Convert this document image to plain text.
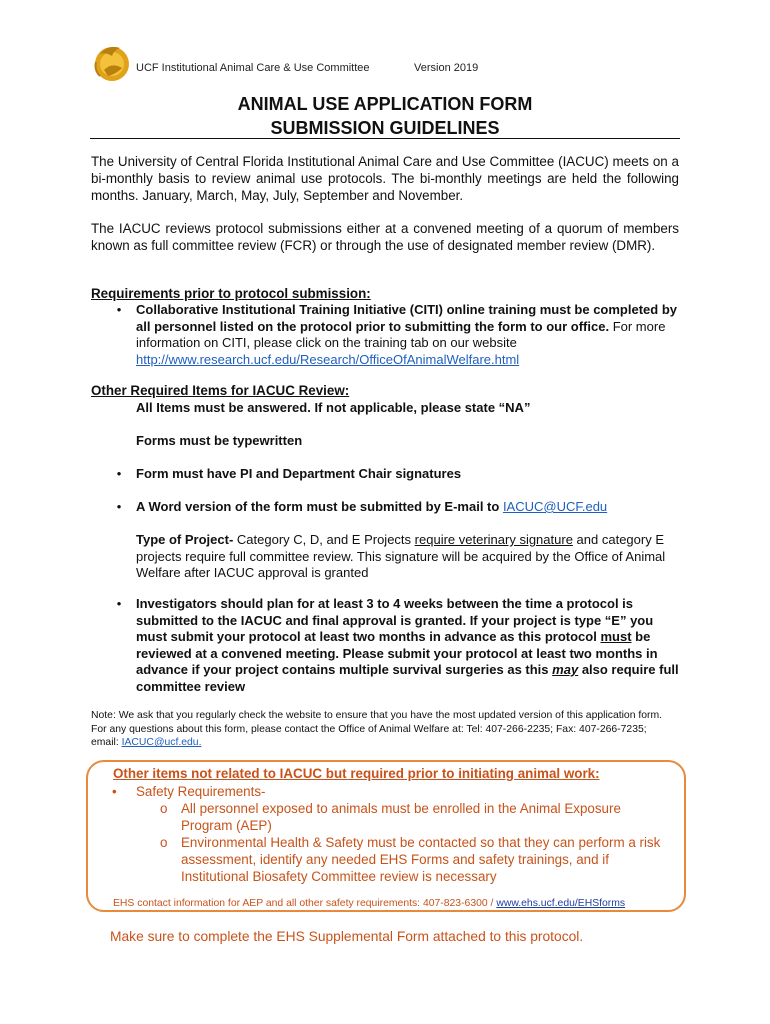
UCF Institutional Animal Care & Use Committee	Version 2019
ANIMAL USE APPLICATION FORM
SUBMISSION GUIDELINES
The University of Central Florida Institutional Animal Care and Use Committee (IACUC) meets on a bi-monthly basis to review animal use protocols. The bi-monthly meetings are held the following months. January, March, May, July, September and November.
The IACUC reviews protocol submissions either at a convened meeting of a quorum of members known as full committee review (FCR) or through the use of designated member review (DMR).
Requirements prior to protocol submission:
•	Collaborative Institutional Training Initiative (CITI) online training must be completed by all personnel listed on the protocol prior to submitting the form to our office. For more information on CITI, please click on the training tab on our website http://www.research.ucf.edu/Research/OfficeOfAnimalWelfare.html
Other Required Items for IACUC Review:
All Items must be answered. If not applicable, please state “NA”
Forms must be typewritten
•	Form must have PI and Department Chair signatures
•	A Word version of the form must be submitted by E-mail to IACUC@UCF.edu
Type of Project- Category C, D, and E Projects require veterinary signature and category E projects require full committee review. This signature will be acquired by the Office of Animal Welfare after IACUC approval is granted
•	Investigators should plan for at least 3 to 4 weeks between the time a protocol is submitted to the IACUC and final approval is granted. If your project is type “E” you must submit your protocol at least two months in advance as this protocol must be reviewed at a convened meeting. Please submit your protocol at least two months in advance if your project contains multiple survival surgeries as this may also require full committee review
Note: We ask that you regularly check the website to ensure that you have the most updated version of this application form. For any questions about this form, please contact the Office of Animal Welfare at: Tel: 407-266-2235; Fax: 407-266-7235; email: IACUC@ucf.edu.
Other items not related to IACUC but required prior to initiating animal work:
• Safety Requirements-
o All personnel exposed to animals must be enrolled in the Animal Exposure Program (AEP)
o Environmental Health & Safety must be contacted so that they can perform a risk assessment, identify any needed EHS Forms and safety trainings, and if Institutional Biosafety Committee review is necessary
EHS contact information for AEP and all other safety requirements: 407-823-6300 / www.ehs.ucf.edu/EHSforms
Make sure to complete the EHS Supplemental Form attached to this protocol.
